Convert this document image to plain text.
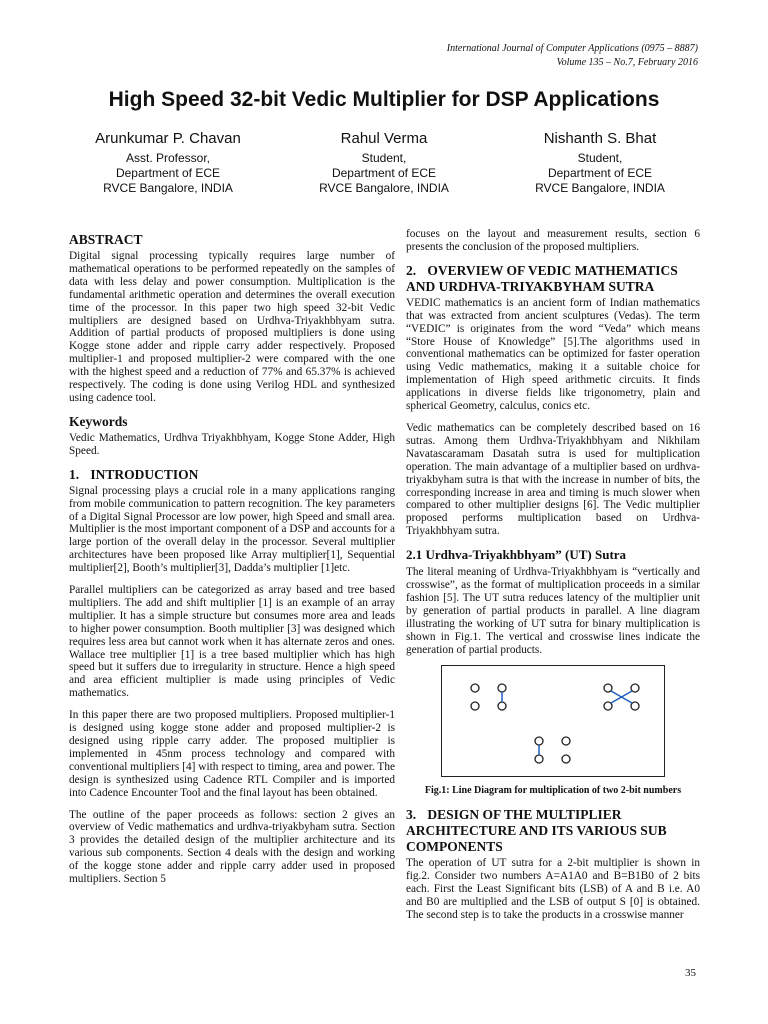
International Journal of Computer Applications (0975 – 8887)
Volume 135 – No.7, February 2016
High Speed 32-bit Vedic Multiplier for DSP Applications
Arunkumar P. Chavan
Asst. Professor,
Department of ECE
RVCE Bangalore, INDIA
Rahul Verma
Student,
Department of ECE
RVCE Bangalore, INDIA
Nishanth S. Bhat
Student,
Department of ECE
RVCE Bangalore, INDIA
ABSTRACT

Digital signal processing typically requires large number of mathematical operations to be performed repeatedly on the samples of data with less delay and power consumption. Multiplication is the fundamental arithmetic operation and determines the overall execution time of the processor. In this paper two high speed 32-bit Vedic multipliers are designed based on Urdhva-Triyakhbhyam sutra. Addition of partial products of proposed multipliers is done using Kogge stone adder and ripple carry adder respectively. Proposed multiplier-1 and proposed multiplier-2 were compared with the one with the highest speed and a reduction of 77% and 65.37% is achieved respectively. The coding is done using Verilog HDL and synthesized using cadence tool.

Keywords

Vedic Mathematics, Urdhva Triyakhbhyam, Kogge Stone Adder, High Speed.

1. INTRODUCTION

Signal processing plays a crucial role in a many applications ranging from mobile communication to pattern recognition. The key parameters of a Digital Signal Processor are low power, high Speed and small area. Multiplier is the most important component of a DSP and accounts for a large portion of the overall delay in the processor. Several multiplier architectures have been proposed like Array multiplier[1], Sequential multiplier[2], Booth’s multiplier[3], Dadda’s multiplier [1]etc.

Parallel multipliers can be categorized as array based and tree based multipliers. The add and shift multiplier [1] is an example of an array multiplier. It has a simple structure but consumes more area and leads to higher power consumption. Booth multiplier [3] was designed which requires less area but cannot work when it has alternate zeros and ones. Wallace tree multiplier [1] is a tree based multiplier which has high speed but it suffers due to irregularity in structure. Hence a high speed and area efficient multiplier is made using principles of Vedic mathematics.

In this paper there are two proposed multipliers. Proposed multiplier-1 is designed using kogge stone adder and proposed multiplier-2 is designed using ripple carry adder. The proposed multiplier is implemented in 45nm process technology and compared with conventional multipliers [4] with respect to timing, area and power. The design is synthesized using Cadence RTL Compiler and is imported into Cadence Encounter Tool and the final layout has been obtained.

The outline of the paper proceeds as follows: section 2 gives an overview of Vedic mathematics and urdhva-triyakbyham sutra. Section 3 provides the detailed design of the multiplier architecture and its various sub components. Section 4 deals with the design and working of the kogge stone adder and ripple carry adder used in proposed multipliers. Section 5

focuses on the layout and measurement results, section 6 presents the conclusion of the proposed multipliers.

2. OVERVIEW OF VEDIC MATHEMATICS AND URDHVA-TRIYAKBYHAM SUTRA

VEDIC mathematics is an ancient form of Indian mathematics that was extracted from ancient sculptures (Vedas). The term “VEDIC” is originates from the word “Veda” which means “Store House of Knowledge” [5].The algorithms used in conventional mathematics can be optimized for faster operation using Vedic mathematics, making it a suitable choice for implementation of High speed arithmetic circuits. It finds applications in diverse fields like trigonometry, plain and spherical Geometry, calculus, conics etc.

Vedic mathematics can be completely described based on 16 sutras. Among them Urdhva-Triyakhbhyam and Nikhilam Navatascaramam Dasatah sutra is used for multiplication operation. The main advantage of a multiplier based on urdhva-triyakbyham sutra is that with the increase in number of bits, the corresponding increase in area and timing is much slower when compared to other multiplier designs [6]. The Vedic multiplier proposed performs multiplication based on Urdhva-Triyakhbhyam sutra.

2.1 Urdhva-Triyakhbhyam” (UT) Sutra

The literal meaning of Urdhva-Triyakhbhyam is “vertically and crosswise”, as the format of multiplication proceeds in a similar fashion [5]. The UT sutra reduces latency of the multiplier unit by generation of partial products in parallel. A line diagram illustrating the working of UT sutra for binary multiplication is shown in Fig.1. The vertical and crosswise lines indicate the generation of partial products.

Fig.1: Line Diagram for multiplication of two 2-bit numbers
3. DESIGN OF THE MULTIPLIER ARCHITECTURE AND ITS VARIOUS SUB COMPONENTS

The operation of UT sutra for a 2-bit multiplier is shown in fig.2. Consider two numbers A=A1A0 and B=B1B0 of 2 bits each. First the Least Significant bits (LSB) of A and B i.e. A0 and B0 are multiplied and the LSB of output S [0] is obtained. The second step is to take the products in a crosswise manner

35
